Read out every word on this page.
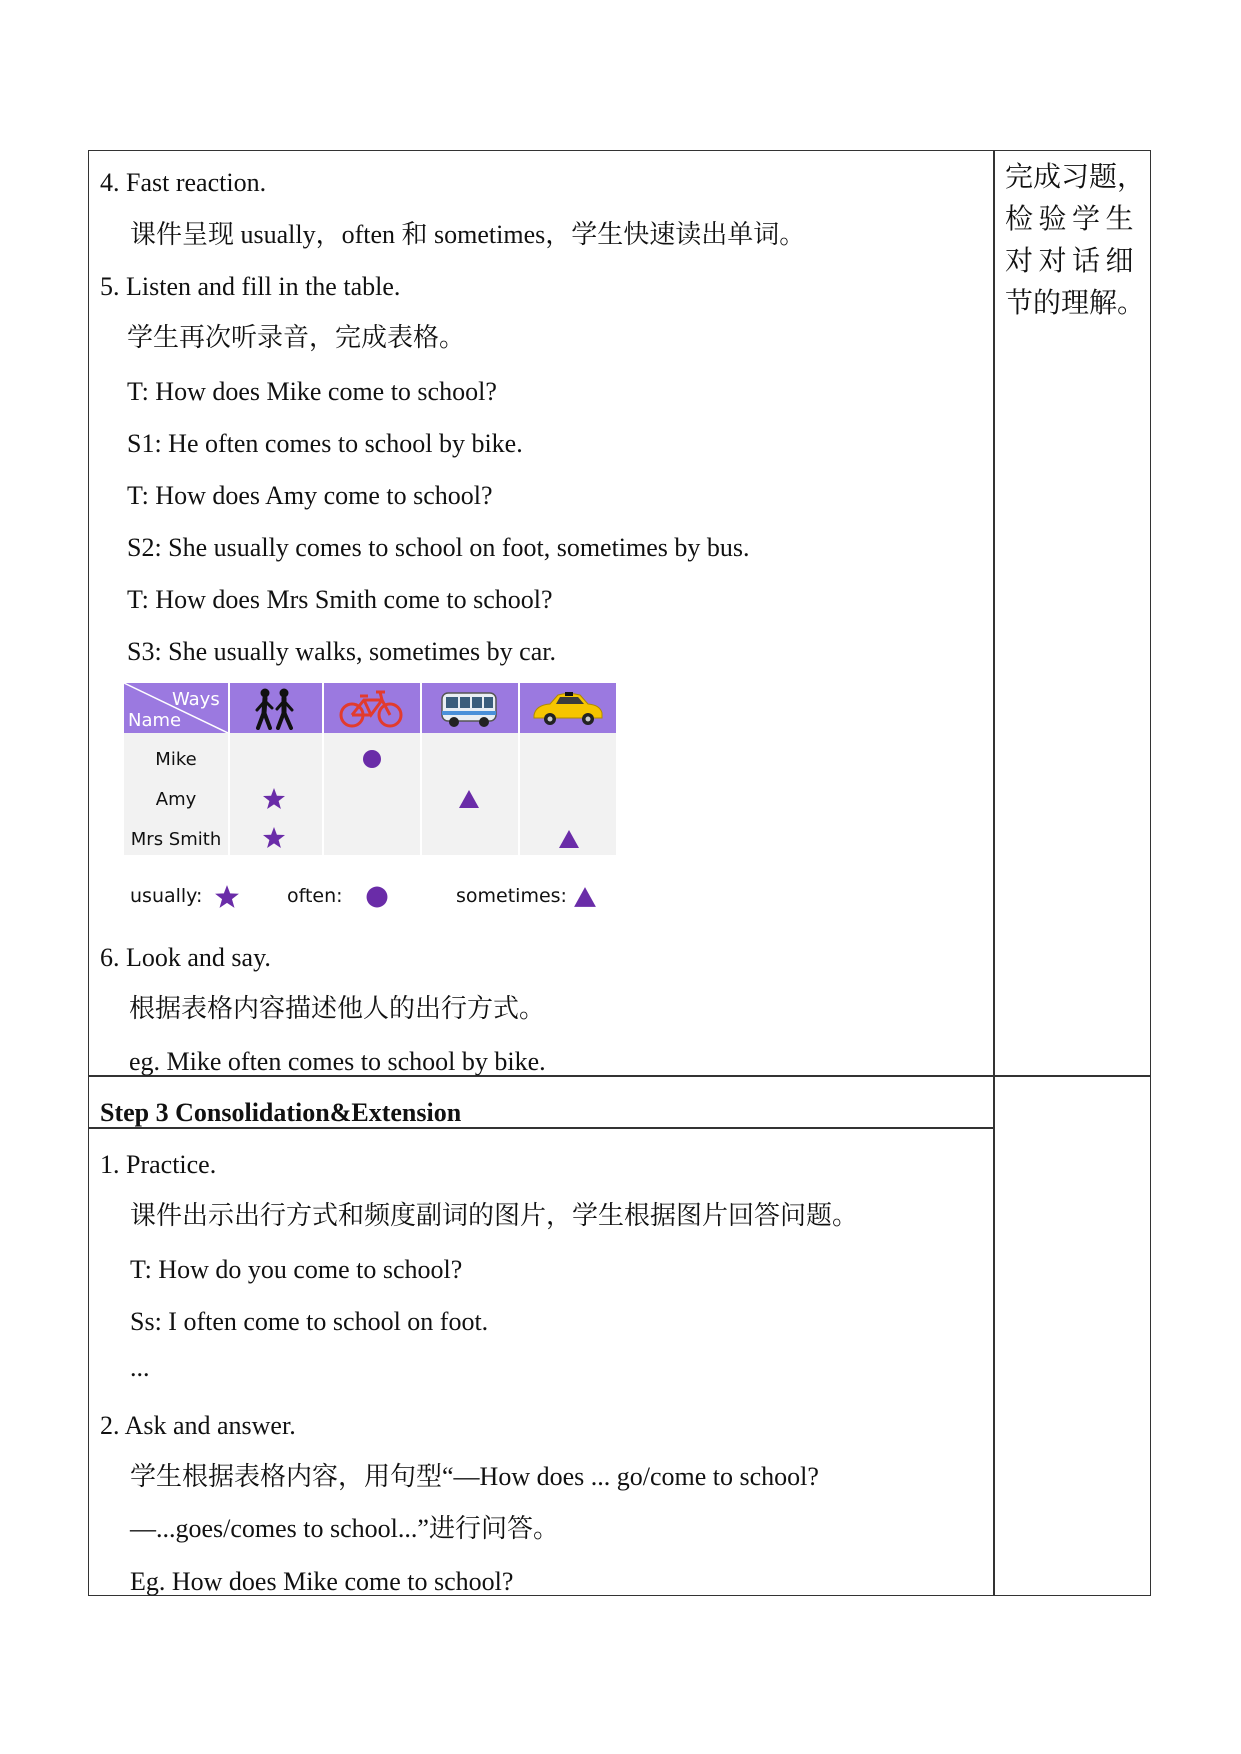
4. Fast reaction.
课件呈现 usually，often 和 sometimes，学生快速读出单词。
5. Listen and fill in the table.
学生再次听录音，完成表格。
T: How does Mike come to school?
S1: He often comes to school by bike.
T: How does Amy come to school?
S2: She usually comes to school on foot, sometimes by bus.
T: How does Mrs Smith come to school?
S3: She usually walks, sometimes by car.
Ways
Name
Mike
Amy
Mrs Smith
usually:	often:	sometimes:
6. Look and say.
根据表格内容描述他人的出行方式。
eg. Mike often comes to school by bike.
Step 3 Consolidation&Extension
1. Practice.
课件出示出行方式和频度副词的图片，学生根据图片回答问题。
T: How do you come to school?
Ss: I often come to school on foot.
...
2. Ask and answer.
学生根据表格内容，用句型“—How does ... go/come to school?
—...goes/comes to school...”进行问答。
Eg. How does Mike come to school?
完成习题，
检验学生
对对话细
节的理解。
